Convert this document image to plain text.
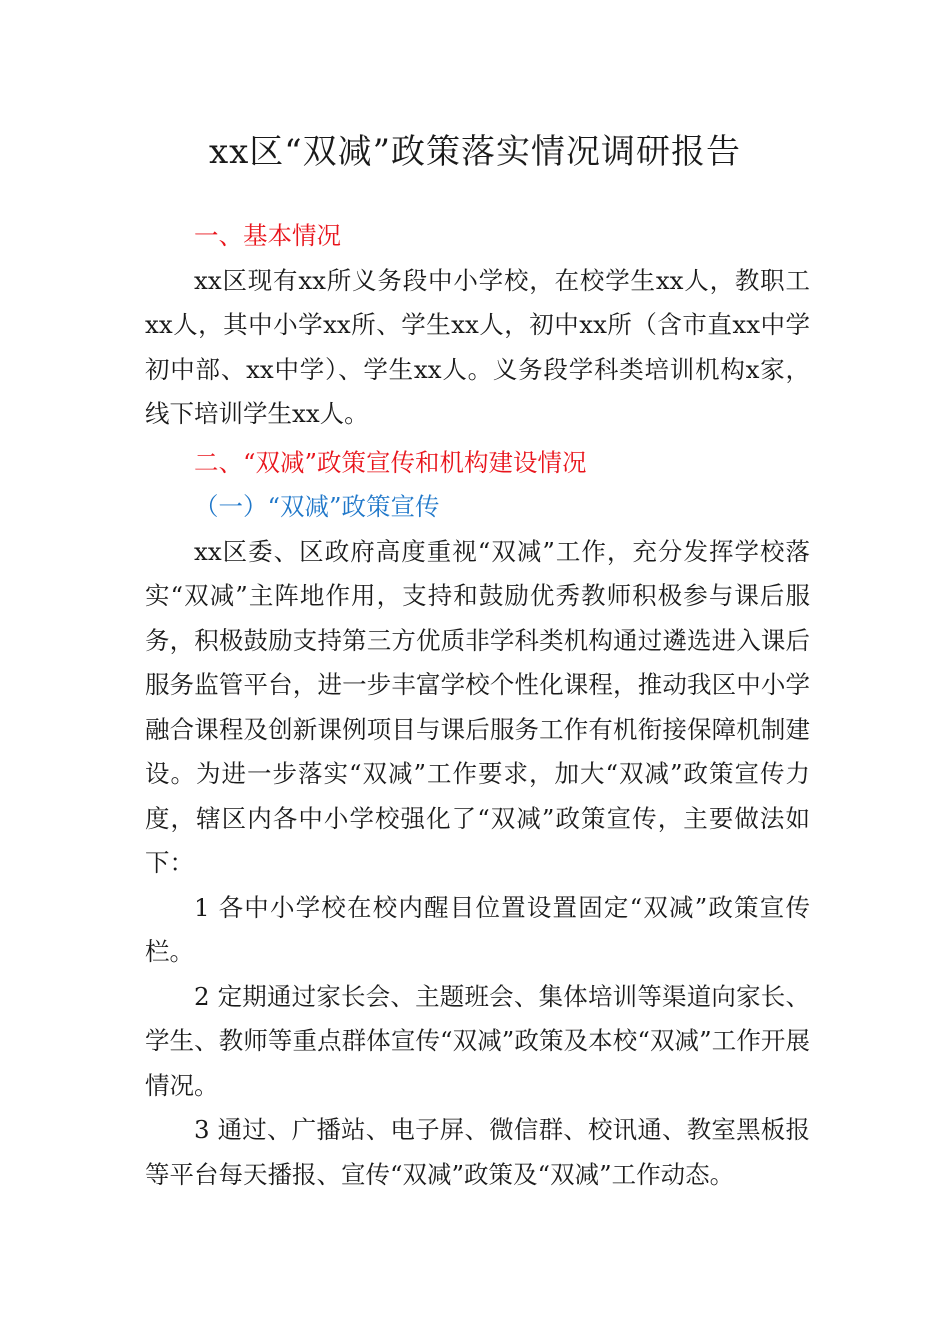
xx区“双减”政策落实情况调研报告

一、基本情况

xx区现有xx所义务段中小学校，在校学生xx人，教职工xx人，其中小学xx所、学生xx人，初中xx所（含市直xx中学初中部、xx中学）、学生xx人。义务段学科类培训机构x家，线下培训学生xx人。

二、“双减”政策宣传和机构建设情况

（一）“双减”政策宣传

xx区委、区政府高度重视“双减”工作，充分发挥学校落实“双减”主阵地作用，支持和鼓励优秀教师积极参与课后服务，积极鼓励支持第三方优质非学科类机构通过遴选进入课后服务监管平台，进一步丰富学校个性化课程，推动我区中小学融合课程及创新课例项目与课后服务工作有机衔接保障机制建设。为进一步落实“双减”工作要求，加大“双减”政策宣传力度，辖区内各中小学校强化了“双减”政策宣传，主要做法如下：

1 各中小学校在校内醒目位置设置固定“双减”政策宣传栏。

2 定期通过家长会、主题班会、集体培训等渠道向家长、学生、教师等重点群体宣传“双减”政策及本校“双减”工作开展情况。

3 通过、广播站、电子屏、微信群、校讯通、教室黑板报等平台每天播报、宣传“双减”政策及“双减”工作动态。
